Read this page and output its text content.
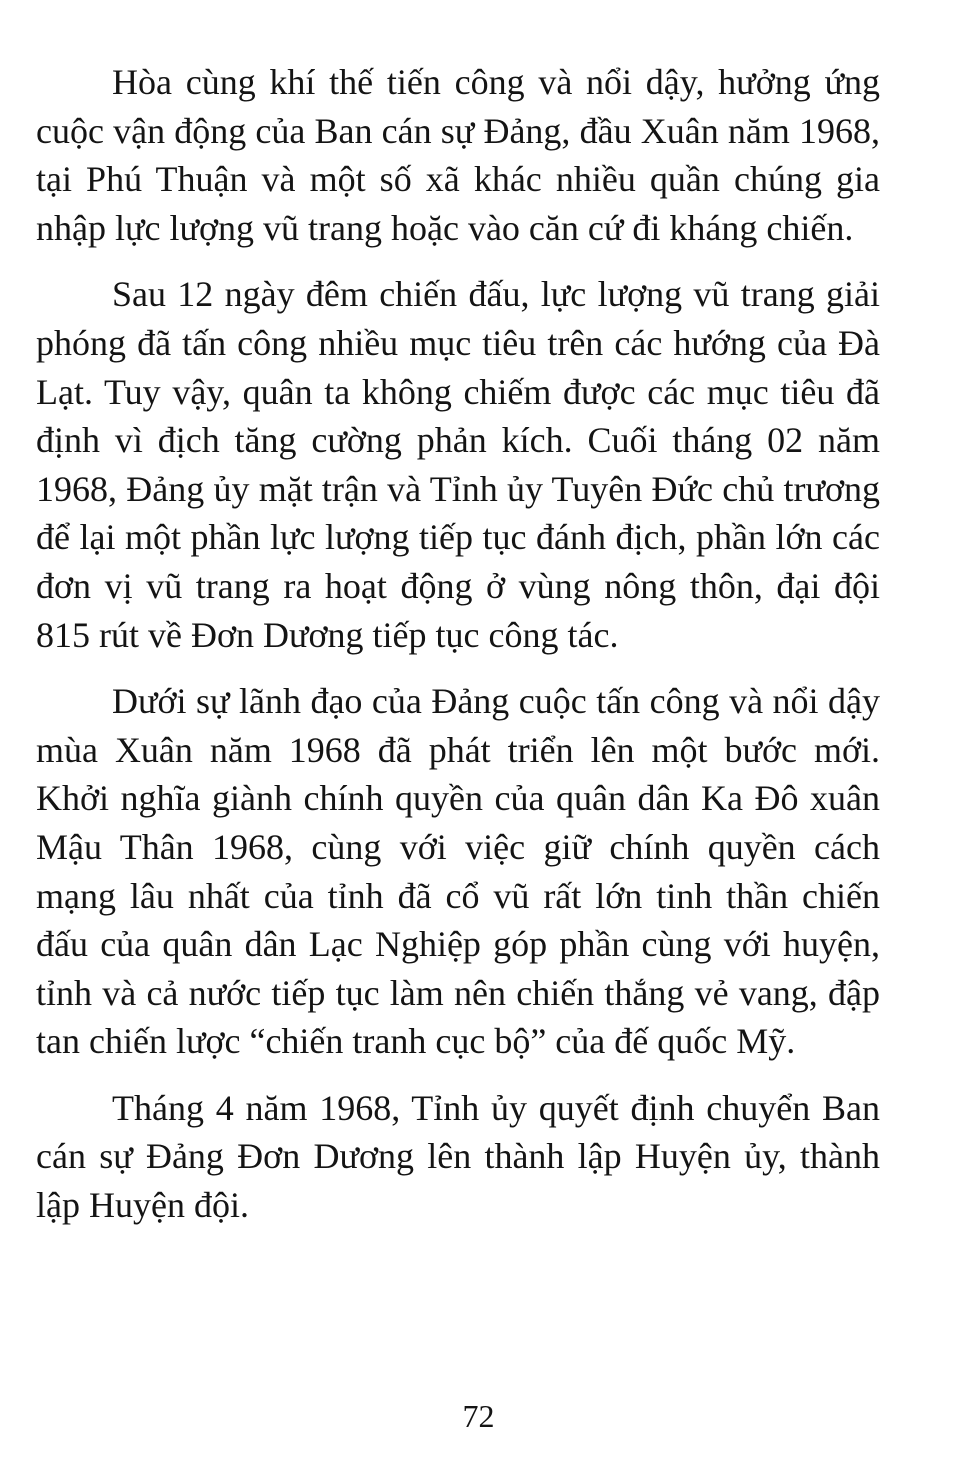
Hòa cùng khí thế tiến công và nổi dậy, hưởng ứng cuộc vận động của Ban cán sự Đảng, đầu Xuân năm 1968, tại Phú Thuận và một số xã khác nhiều quần chúng gia nhập lực lượng vũ trang hoặc vào căn cứ đi kháng chiến.

Sau 12 ngày đêm chiến đấu, lực lượng vũ trang giải phóng đã tấn công nhiều mục tiêu trên các hướng của Đà Lạt. Tuy vậy, quân ta không chiếm được các mục tiêu đã định vì địch tăng cường phản kích. Cuối tháng 02 năm 1968, Đảng ủy mặt trận và Tỉnh ủy Tuyên Đức chủ trương để lại một phần lực lượng tiếp tục đánh địch, phần lớn các đơn vị vũ trang ra hoạt động ở vùng nông thôn, đại đội 815 rút về Đơn Dương tiếp tục công tác.

Dưới sự lãnh đạo của Đảng cuộc tấn công và nổi dậy mùa Xuân năm 1968 đã phát triển lên một bước mới. Khởi nghĩa giành chính quyền của quân dân Ka Đô xuân Mậu Thân 1968, cùng với việc giữ chính quyền cách mạng lâu nhất của tỉnh đã cổ vũ rất lớn tinh thần chiến đấu của quân dân Lạc Nghiệp góp phần cùng với huyện, tỉnh và cả nước tiếp tục làm nên chiến thắng vẻ vang, đập tan chiến lược “chiến tranh cục bộ” của đế quốc Mỹ.

Tháng 4 năm 1968, Tỉnh ủy quyết định chuyển Ban cán sự Đảng Đơn Dương lên thành lập Huyện ủy, thành lập Huyện đội.

72
